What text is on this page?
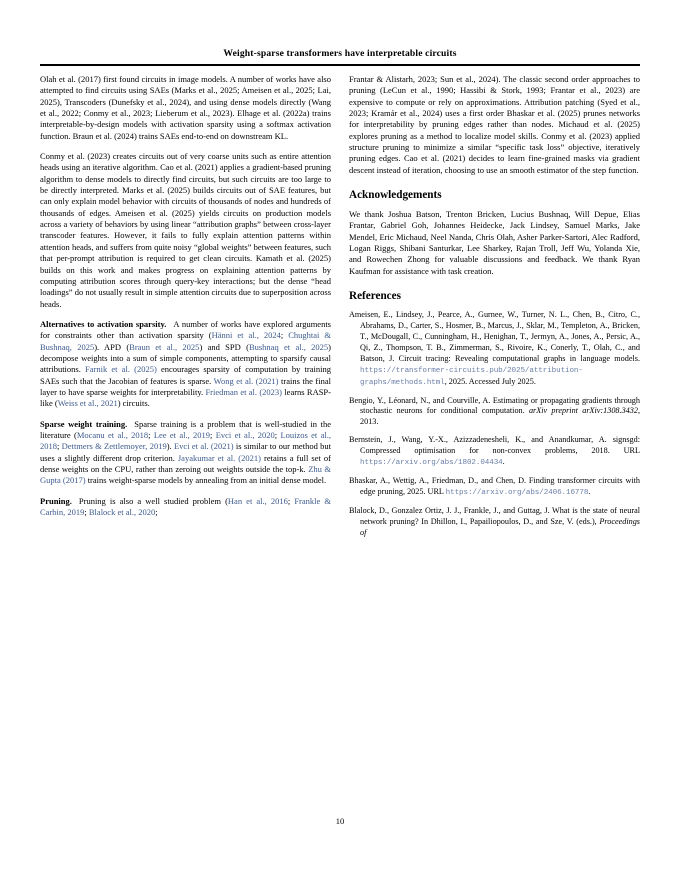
Weight-sparse transformers have interpretable circuits

Olah et al. (2017) first found circuits in image models. A number of works have also attempted to find circuits using SAEs (Marks et al., 2025; Ameisen et al., 2025; Lai, 2025), Transcoders (Dunefsky et al., 2024), and using dense models directly (Wang et al., 2022; Conmy et al., 2023; Lieberum et al., 2023). Elhage et al. (2022a) trains interpretable-by-design models with activation sparsity using a softmax activation function. Braun et al. (2024) trains SAEs end-to-end on downstream KL.

Conmy et al. (2023) creates circuits out of very coarse units such as entire attention heads using an iterative algorithm. Cao et al. (2021) applies a gradient-based pruning algorithm to dense models to directly find circuits, but such circuits are too large to be directly interpreted. Marks et al. (2025) builds circuits out of SAE features, but can only explain model behavior with circuits of thousands of nodes and hundreds of thousands of edges. Ameisen et al. (2025) yields circuits on production models across a variety of behaviors by using linear “attribution graphs” between cross-layer transcoder features. However, it fails to fully explain attention patterns within attention heads, and suffers from quite noisy “global weights” between features, such that per-prompt attribution is required to get clean circuits. Kamath et al. (2025) builds on this work and makes progress on explaining attention patterns by computing attribution scores through query-key interactions; but the dense “head loadings” do not usually result in simple attention circuits due to superposition across heads.

Alternatives to activation sparsity. A number of works have explored arguments for constraints other than activation sparsity (Hänni et al., 2024; Chughtai & Bushnaq, 2025). APD (Braun et al., 2025) and SPD (Bushnaq et al., 2025) decompose weights into a sum of simple components, attempting to sparsify causal attributions. Farnik et al. (2025) encourages sparsity of computation by training SAEs such that the Jacobian of features is sparse. Wong et al. (2021) trains the final layer to have sparse weights for interpretability. Friedman et al. (2023) learns RASP-like (Weiss et al., 2021) circuits.

Sparse weight training. Sparse training is a problem that is well-studied in the literature (Mocanu et al., 2018; Lee et al., 2019; Evci et al., 2020; Louizos et al., 2018; Dettmers & Zettlemoyer, 2019). Evci et al. (2021) is similar to our method but uses a slightly different drop criterion. Jayakumar et al. (2021) retains a full set of dense weights on the CPU, rather than zeroing out weights outside the top-k. Zhu & Gupta (2017) trains weight-sparse models by annealing from an initial dense model.

Pruning. Pruning is also a well studied problem (Han et al., 2016; Frankle & Carbin, 2019; Blalock et al., 2020;

Frantar & Alistarh, 2023; Sun et al., 2024). The classic second order approaches to pruning (LeCun et al., 1990; Hassibi & Stork, 1993; Frantar et al., 2023) are expensive to compute or rely on approximations. Attribution patching (Syed et al., 2023; Kramár et al., 2024) uses a first order Bhaskar et al. (2025) prunes networks for interpretability by pruning edges rather than nodes. Michaud et al. (2025) explores pruning as a method to localize model skills. Conmy et al. (2023) applied structure pruning to minimize a similar “specific task loss” objective, iteratively pruning edges. Cao et al. (2021) decides to learn fine-grained masks via gradient descent instead of iteration, choosing to use an smooth estimator of the step function.

Acknowledgements

We thank Joshua Batson, Trenton Bricken, Lucius Bushnaq, Will Depue, Elias Frantar, Gabriel Goh, Johannes Heidecke, Jack Lindsey, Samuel Marks, Jake Mendel, Eric Michaud, Neel Nanda, Chris Olah, Asher Parker-Sartori, Alec Radford, Logan Riggs, Shibani Santurkar, Lee Sharkey, Rajan Troll, Jeff Wu, Yolanda Xie, and Rowechen Zhong for valuable discussions and feedback. We thank Ryan Kaufman for assistance with task creation.

References

Ameisen, E., Lindsey, J., Pearce, A., Gurnee, W., Turner, N. L., Chen, B., Citro, C., Abrahams, D., Carter, S., Hosmer, B., Marcus, J., Sklar, M., Templeton, A., Bricken, T., McDougall, C., Cunningham, H., Henighan, T., Jermyn, A., Jones, A., Persic, A., Qi, Z., Thompson, T. B., Zimmerman, S., Rivoire, K., Conerly, T., Olah, C., and Batson, J. Circuit tracing: Revealing computational graphs in language models. https://transformer-circuits.pub/2025/attribution-graphs/methods.html, 2025. Accessed July 2025.

Bengio, Y., Léonard, N., and Courville, A. Estimating or propagating gradients through stochastic neurons for conditional computation. arXiv preprint arXiv:1308.3432, 2013.

Bernstein, J., Wang, Y.-X., Azizzadenesheli, K., and Anandkumar, A. signsgd: Compressed optimisation for non-convex problems, 2018. URL https://arxiv.org/abs/1802.04434.

Bhaskar, A., Wettig, A., Friedman, D., and Chen, D. Finding transformer circuits with edge pruning, 2025. URL https://arxiv.org/abs/2406.16778.

Blalock, D., Gonzalez Ortiz, J. J., Frankle, J., and Guttag, J. What is the state of neural network pruning? In Dhillon, I., Papailiopoulos, D., and Sze, V. (eds.), Proceedings of

10
